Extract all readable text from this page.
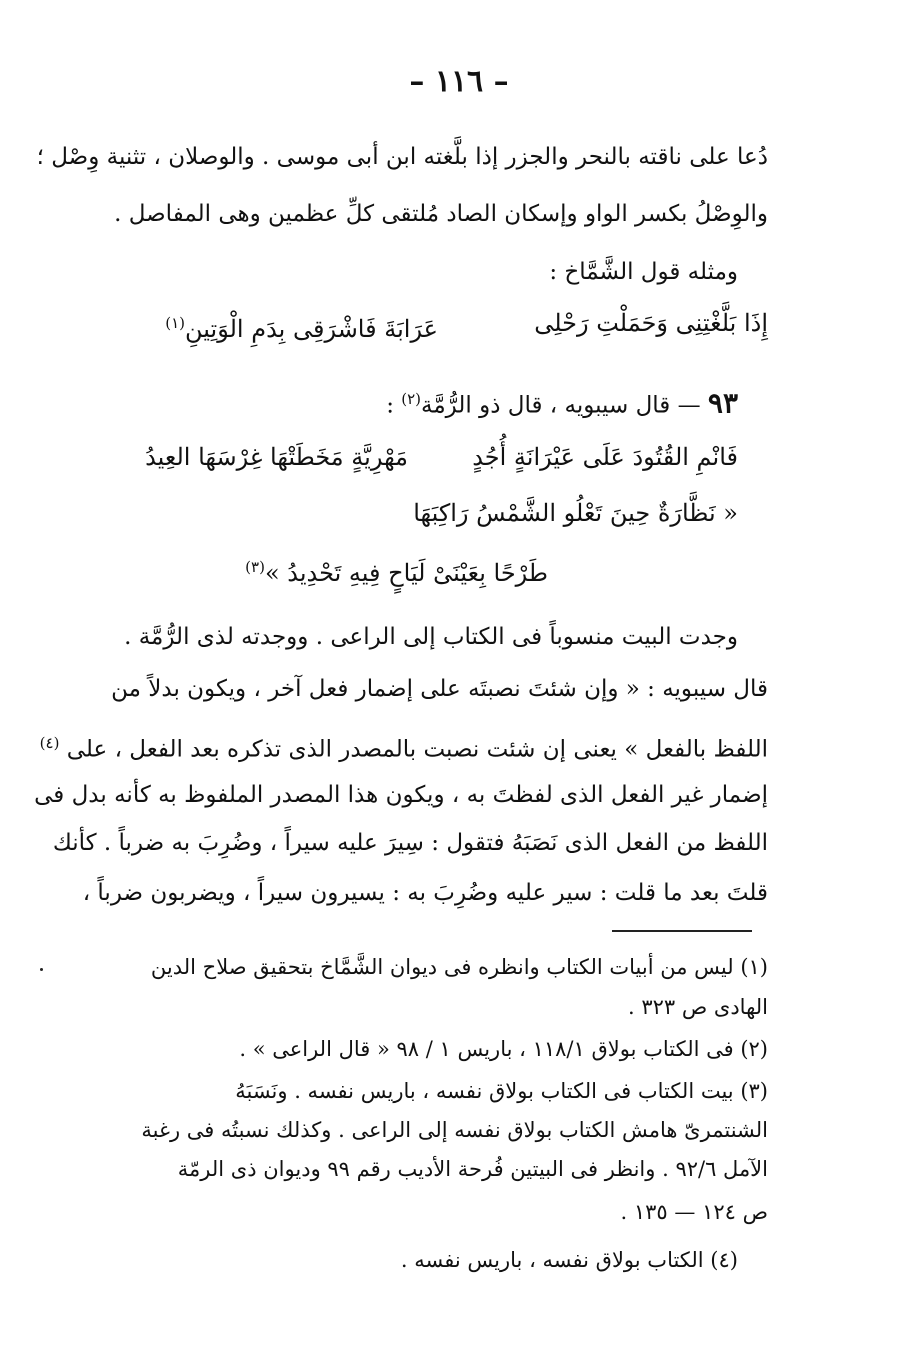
– ١١٦ –
دُعا على ناقته بالنحر والجزر إذا بلَّغته ابن أبى موسى . والوصلان ، تثنية وِصْل ؛
والوِصْلُ بكسر الواو وإسكان الصاد مُلتقى كلِّ عظمين وهى المفاصل .
ومثله قول الشَّمَّاخ :
إِذَا بَلَّغْتِنِى وَحَمَلْتِ رَحْلِى
عَرَابَةَ فَاشْرَقِى بِدَمِ الْوَتِينِ$^{(١)}$
٩٣ — قال سيبويه ، قال ذو الرُّمَّة$^{(٢)}$ :
فَانْمِ القُتُودَ عَلَى عَيْرَانَةٍ أُجُدٍ
مَهْرِيَّةٍ مَخَطَتْهَا غِرْسَهَا العِيدُ
« نَظَّارَةٌ حِينَ تَعْلُو الشَّمْسُ رَاكِبَهَا
طَرْحًا بِعَيْنَىْ لَيَاحٍ فِيهِ تَحْدِيدُ »$^{(٣)}$
وجدت البيت منسوباً فى الكتاب إلى الراعى . ووجدته لذى الرُّمَّة .
قال سيبويه : « وإن شئتَ نصبتَه على إضمار فعل آخر ، ويكون بدلاً من
اللفظ بالفعل » يعنى إن شئت نصبت بالمصدر الذى تذكره بعد الفعل ، على $^{(٤)}$
إضمار غير الفعل الذى لفظتَ به ، ويكون هذا المصدر الملفوظ به كأنه بدل فى
اللفظ من الفعل الذى نَصَبَهُ فتقول : سِيرَ عليه سيراً ، وضُرِبَ به ضرباً . كأنك
قلتَ بعد ما قلت : سير عليه وضُرِبَ به : يسيرون سيراً ، ويضربون ضرباً ،
(١) ليس من أبيات الكتاب وانظره فى ديوان الشَّمَّاخ بتحقيق صلاح الدين
الهادى ص ٣٢٣ .
(٢) فى الكتاب بولاق ١١٨/١ ، باريس ١ / ٩٨ « قال الراعى » .
(٣) بيت الكتاب فى الكتاب بولاق نفسه ، باريس نفسه . ونَسَبَهُ
الشنتمرىّ هامش الكتاب بولاق نفسه إلى الراعى . وكذلك نسبتُه فى رغبة
الآمل ٩٢/٦ . وانظر فى البيتين فُرحة الأديب رقم ٩٩ وديوان ذى الرمّة
ص ١٢٤ — ١٣٥ .
(٤) الكتاب بولاق نفسه ، باريس نفسه .
